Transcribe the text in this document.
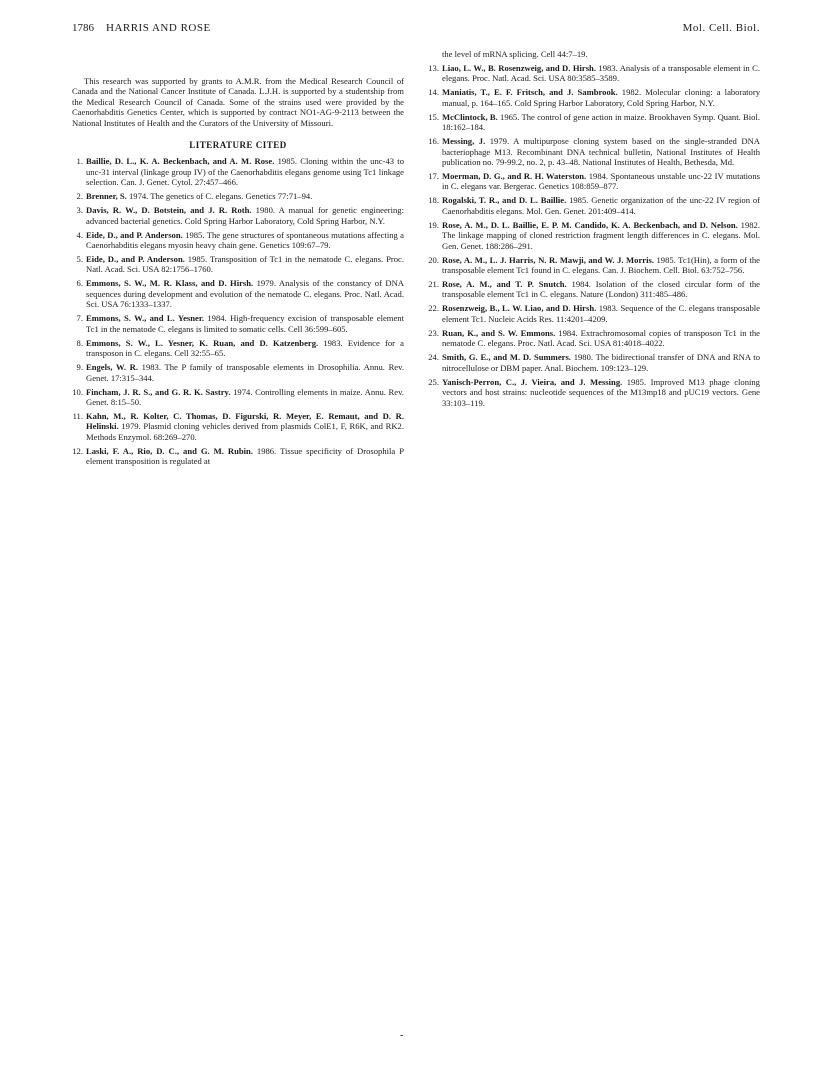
1786 HARRIS AND ROSE	Mol. Cell. Biol.

This research was supported by grants to A.M.R. from the Medical Research Council of Canada and the National Cancer Institute of Canada. L.J.H. is supported by a studentship from the Medical Research Council of Canada. Some of the strains used were provided by the Caenorhabditis Genetics Center, which is supported by contract NO1-AG-9-2113 between the National Institutes of Health and the Curators of the University of Missouri.

LITERATURE CITED
1. Baillie, D. L., K. A. Beckenbach, and A. M. Rose. 1985. Cloning within the unc-43 to unc-31 interval (linkage group IV) of the Caenorhabditis elegans genome using Tc1 linkage selection. Can. J. Genet. Cytol. 27:457–466.
2. Brenner, S. 1974. The genetics of C. elegans. Genetics 77:71–94.
3. Davis, R. W., D. Botstein, and J. R. Roth. 1980. A manual for genetic engineering: advanced bacterial genetics. Cold Spring Harbor Laboratory, Cold Spring Harbor, N.Y.
4. Eide, D., and P. Anderson. 1985. The gene structures of spontaneous mutations affecting a Caenorhabditis elegans myosin heavy chain gene. Genetics 109:67–79.
5. Eide, D., and P. Anderson. 1985. Transposition of Tc1 in the nematode C. elegans. Proc. Natl. Acad. Sci. USA 82:1756–1760.
6. Emmons, S. W., M. R. Klass, and D. Hirsh. 1979. Analysis of the constancy of DNA sequences during development and evolution of the nematode C. elegans. Proc. Natl. Acad. Sci. USA 76:1333–1337.
7. Emmons, S. W., and L. Yesner. 1984. High-frequency excision of transposable element Tc1 in the nematode C. elegans is limited to somatic cells. Cell 36:599–605.
8. Emmons, S. W., L. Yesner, K. Ruan, and D. Katzenberg. 1983. Evidence for a transposon in C. elegans. Cell 32:55–65.
9. Engels, W. R. 1983. The P family of transposable elements in Drosophilia. Annu. Rev. Genet. 17:315–344.
10. Fincham, J. R. S., and G. R. K. Sastry. 1974. Controlling elements in maize. Annu. Rev. Genet. 8:15–50.
11. Kahn, M., R. Kolter, C. Thomas, D. Figurski, R. Meyer, E. Remaut, and D. R. Helinski. 1979. Plasmid cloning vehicles derived from plasmids ColE1, F, R6K, and RK2. Methods Enzymol. 68:269–270.
12. Laski, F. A., Rio, D. C., and G. M. Rubin. 1986. Tissue specificity of Drosophila P element transposition is regulated at
the level of mRNA splicing. Cell 44:7–19.
13. Liao, L. W., B. Rosenzweig, and D. Hirsh. 1983. Analysis of a transposable element in C. elegans. Proc. Natl. Acad. Sci. USA 80:3585–3589.
14. Maniatis, T., E. F. Fritsch, and J. Sambrook. 1982. Molecular cloning: a laboratory manual, p. 164–165. Cold Spring Harbor Laboratory, Cold Spring Harbor, N.Y.
15. McClintock, B. 1965. The control of gene action in maize. Brookhaven Symp. Quant. Biol. 18:162–184.
16. Messing, J. 1979. A multipurpose cloning system based on the single-stranded DNA bacteriophage M13. Recombinant DNA technical bulletin, National Institutes of Health publication no. 79-99.2, no. 2, p. 43–48. National Institutes of Health, Bethesda, Md.
17. Moerman, D. G., and R. H. Waterston. 1984. Spontaneous unstable unc-22 IV mutations in C. elegans var. Bergerac. Genetics 108:859–877.
18. Rogalski, T. R., and D. L. Baillie. 1985. Genetic organization of the unc-22 IV region of Caenorhabditis elegans. Mol. Gen. Genet. 201:409–414.
19. Rose, A. M., D. L. Baillie, E. P. M. Candido, K. A. Beckenbach, and D. Nelson. 1982. The linkage mapping of cloned restriction fragment length differences in C. elegans. Mol. Gen. Genet. 188:286–291.
20. Rose, A. M., L. J. Harris, N. R. Mawji, and W. J. Morris. 1985. Tc1(Hin), a form of the transposable element Tc1 found in C. elegans. Can. J. Biochem. Cell. Biol. 63:752–756.
21. Rose, A. M., and T. P. Snutch. 1984. Isolation of the closed circular form of the transposable element Tc1 in C. elegans. Nature (London) 311:485–486.
22. Rosenzweig, B., L. W. Liao, and D. Hirsh. 1983. Sequence of the C. elegans transposable element Tc1. Nucleic Acids Res. 11:4201–4209.
23. Ruan, K., and S. W. Emmons. 1984. Extrachromosomal copies of transposon Tc1 in the nematode C. elegans. Proc. Natl. Acad. Sci. USA 81:4018–4022.
24. Smith, G. E., and M. D. Summers. 1980. The bidirectional transfer of DNA and RNA to nitrocellulose or DBM paper. Anal. Biochem. 109:123–129.
25. Yanisch-Perron, C., J. Vieira, and J. Messing. 1985. Improved M13 phage cloning vectors and host strains: nucleotide sequences of the M13mp18 and pUC19 vectors. Gene 33:103–119.
-
